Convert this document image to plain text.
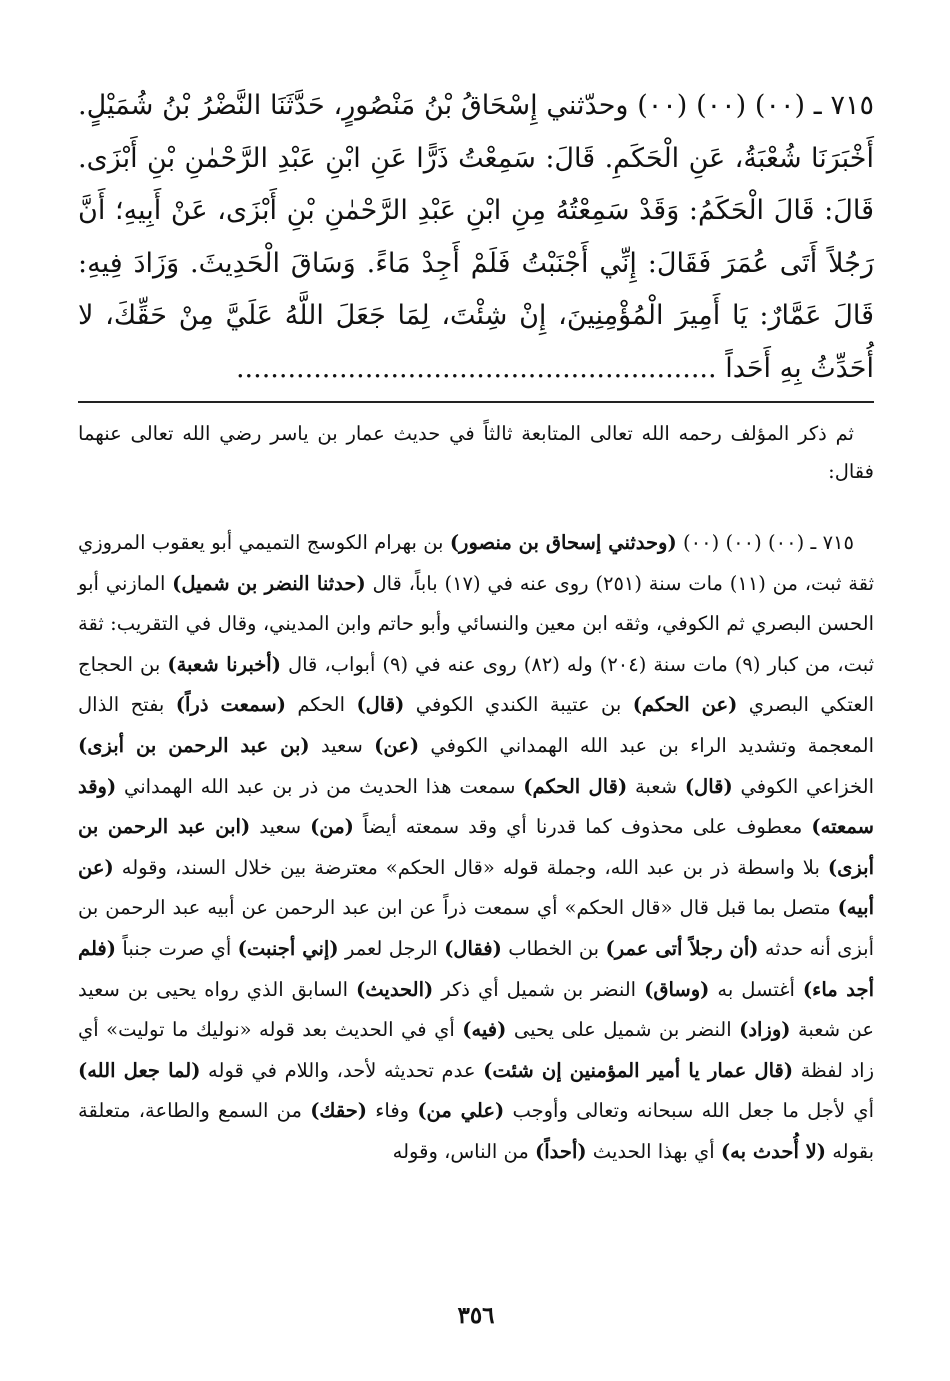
٧١٥ ـ (٠٠) (٠٠) (٠٠) وحدّثني إِسْحَاقُ بْنُ مَنْصُورٍ، حَدَّثَنَا النَّضْرُ بْنُ شُمَيْلٍ. أَخْبَرَنَا شُعْبَةُ، عَنِ الْحَكَمِ. قَالَ: سَمِعْتُ ذَرًّا عَنِ ابْنِ عَبْدِ الرَّحْمٰنِ بْنِ أَبْزَى. قَالَ: قَالَ الْحَكَمُ: وَقَدْ سَمِعْتُهُ مِنِ ابْنِ عَبْدِ الرَّحْمٰنِ بْنِ أَبْزَى، عَنْ أَبِيهِ؛ أَنَّ رَجُلاً أَتَى عُمَرَ فَقَالَ: إِنِّي أَجْنَبْتُ فَلَمْ أَجِدْ مَاءً. وَسَاقَ الْحَدِيثَ. وَزَادَ فِيهِ: قَالَ عَمَّارٌ: يَا أَمِيرَ الْمُؤْمِنِينَ، إِنْ شِئْتَ، لِمَا جَعَلَ اللَّهُ عَلَيَّ مِنْ حَقِّكَ، لا أُحَدِّثُ بِهِ أَحَداً ........................................................

ثم ذكر المؤلف رحمه الله تعالى المتابعة ثالثاً في حديث عمار بن ياسر رضي الله تعالى عنهما فقال:

٧١٥ ـ (٠٠) (٠٠) (٠٠) (وحدثني إسحاق بن منصور) بن بهرام الكوسج التميمي أبو يعقوب المروزي ثقة ثبت، من (١١) مات سنة (٢٥١) روى عنه في (١٧) باباً، قال (حدثنا النضر بن شميل) المازني أبو الحسن البصري ثم الكوفي، وثقه ابن معين والنسائي وأبو حاتم وابن المديني، وقال في التقريب: ثقة ثبت، من كبار (٩) مات سنة (٢٠٤) وله (٨٢) روى عنه في (٩) أبواب، قال (أخبرنا شعبة) بن الحجاج العتكي البصري (عن الحكم) بن عتيبة الكندي الكوفي (قال) الحكم (سمعت ذراً) بفتح الذال المعجمة وتشديد الراء بن عبد الله الهمداني الكوفي (عن) سعيد (بن عبد الرحمن بن أبزى) الخزاعي الكوفي (قال) شعبة (قال الحكم) سمعت هذا الحديث من ذر بن عبد الله الهمداني (وقد سمعته) معطوف على محذوف كما قدرنا أي وقد سمعته أيضاً (من) سعيد (ابن عبد الرحمن بن أبزى) بلا واسطة ذر بن عبد الله، وجملة قوله «قال الحكم» معترضة بين خلال السند، وقوله (عن أبيه) متصل بما قبل قال «قال الحكم» أي سمعت ذراً عن ابن عبد الرحمن عن أبيه عبد الرحمن بن أبزى أنه حدثه (أن رجلاً أتى عمر) بن الخطاب (فقال) الرجل لعمر (إني أجنبت) أي صرت جنباً (فلم أجد ماء) أغتسل به (وساق) النضر بن شميل أي ذكر (الحديث) السابق الذي رواه يحيى بن سعيد عن شعبة (وزاد) النضر بن شميل على يحيى (فيه) أي في الحديث بعد قوله «نوليك ما توليت» أي زاد لفظة (قال عمار يا أمير المؤمنين إن شئت) عدم تحديثه لأحد، واللام في قوله (لما جعل الله) أي لأجل ما جعل الله سبحانه وتعالى وأوجب (علي من) وفاء (حقك) من السمع والطاعة، متعلقة بقوله (لا أُحدث به) أي بهذا الحديث (أحداً) من الناس، وقوله

٣٥٦
